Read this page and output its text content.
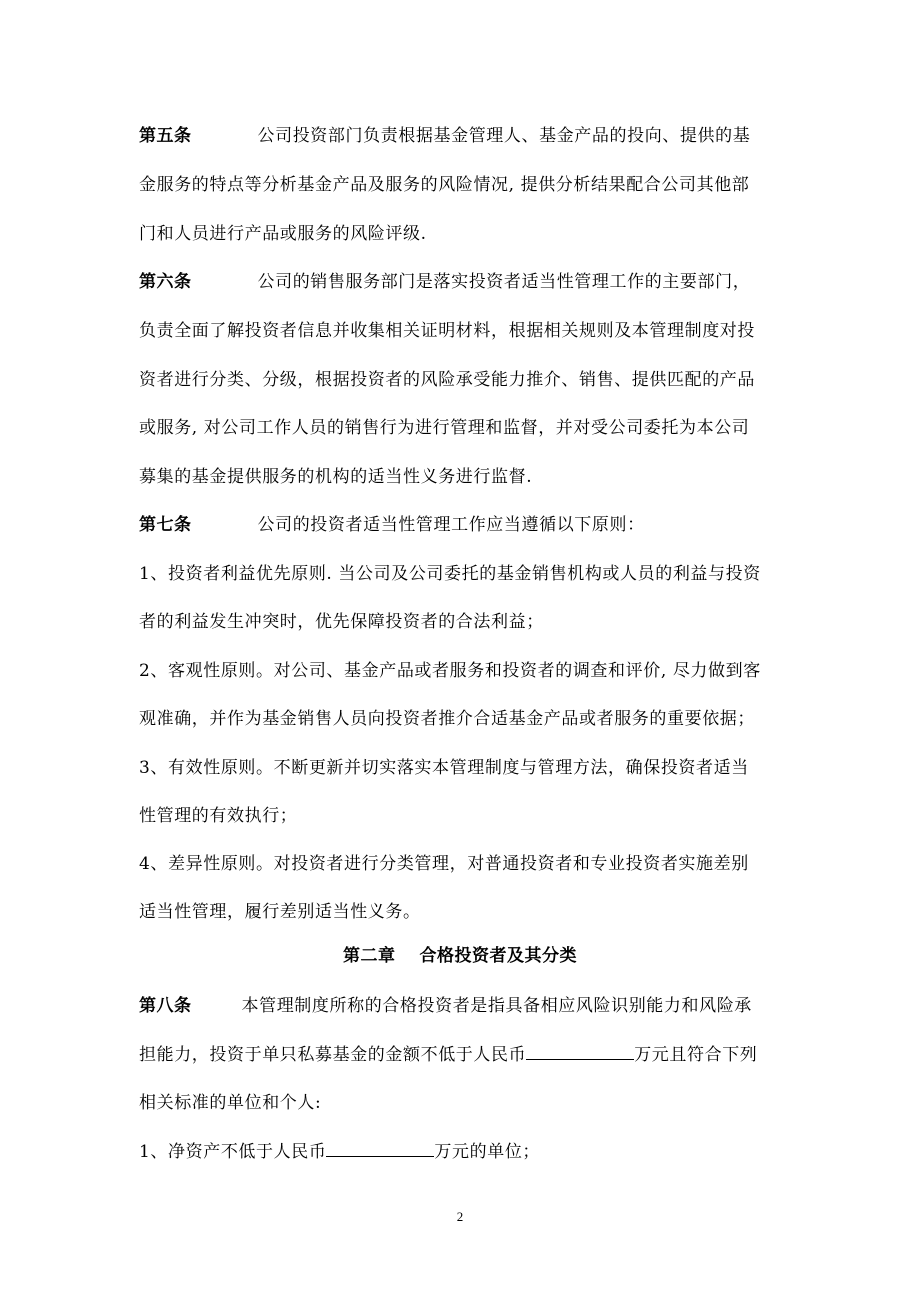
第五条	公司投资部门负责根据基金管理人、基金产品的投向、提供的基
金服务的特点等分析基金产品及服务的风险情况, 提供分析结果配合公司其他部
门和人员进行产品或服务的风险评级.
第六条	公司的销售服务部门是落实投资者适当性管理工作的主要部门，
负责全面了解投资者信息并收集相关证明材料，根据相关规则及本管理制度对投
资者进行分类、分级，根据投资者的风险承受能力推介、销售、提供匹配的产品
或服务, 对公司工作人员的销售行为进行管理和监督，并对受公司委托为本公司
募集的基金提供服务的机构的适当性义务进行监督.
第七条	公司的投资者适当性管理工作应当遵循以下原则：
1、投资者利益优先原则. 当公司及公司委托的基金销售机构或人员的利益与投资
者的利益发生冲突时，优先保障投资者的合法利益；
2、客观性原则。对公司、基金产品或者服务和投资者的调查和评价, 尽力做到客
观准确，并作为基金销售人员向投资者推介合适基金产品或者服务的重要依据；
3、有效性原则。不断更新并切实落实本管理制度与管理方法，确保投资者适当
性管理的有效执行；
4、差异性原则。对投资者进行分类管理，对普通投资者和专业投资者实施差别
适当性管理，履行差别适当性义务。
第二章 合格投资者及其分类
第八条	本管理制度所称的合格投资者是指具备相应风险识别能力和风险承
担能力，投资于单只私募基金的金额不低于人民币	万元且符合下列
相关标准的单位和个人:
1、净资产不低于人民币	万元的单位；
2
